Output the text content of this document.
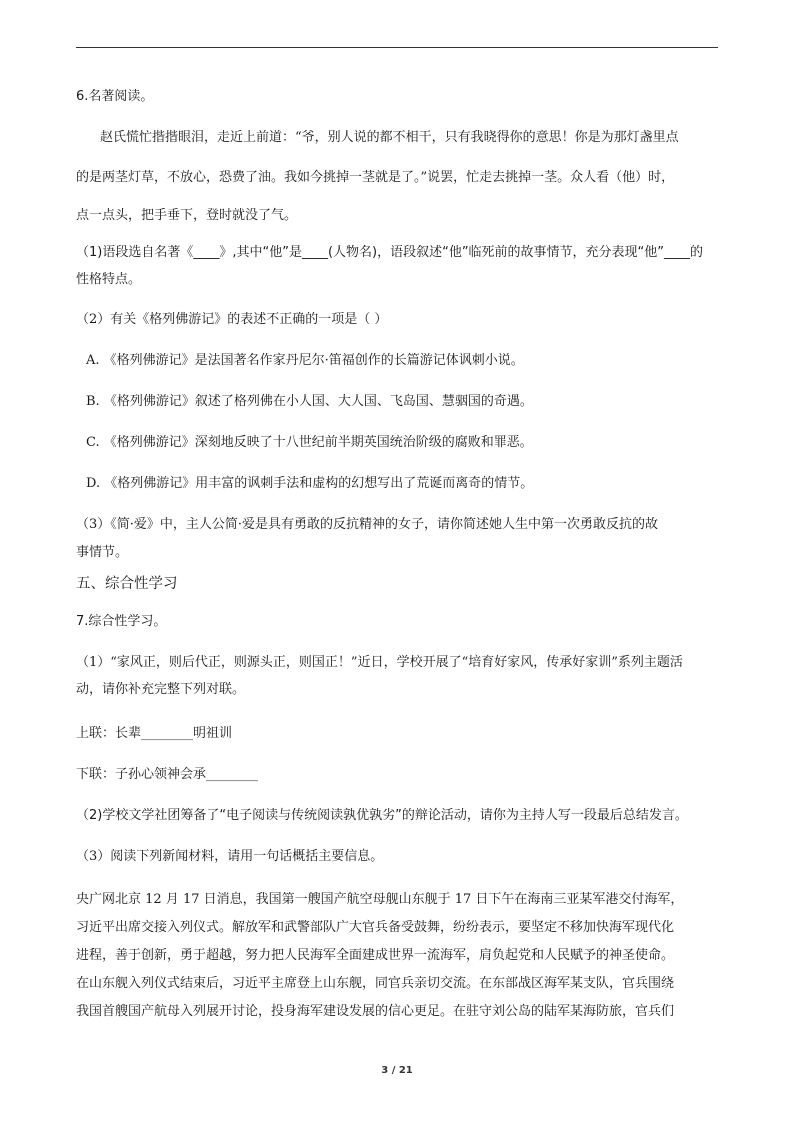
6.名著阅读。
赵氏慌忙揩揩眼泪，走近上前道：“爷，别人说的都不相干，只有我晓得你的意思！你是为那灯盏里点
的是两茎灯草，不放心，恐费了油。我如今挑掉一茎就是了。”说罢，忙走去挑掉一茎。众人看（他）时，
点一点头，把手垂下，登时就没了气。
（1)语段选自名著《____》,其中“他”是____(人物名)，语段叙述“他”临死前的故事情节，充分表现“他”____的
性格特点。
（2）有关《格列佛游记》的表述不正确的一项是（ ）
A. 《格列佛游记》是法国著名作家丹尼尔·笛福创作的长篇游记体讽刺小说。
B. 《格列佛游记》叙述了格列佛在小人国、大人国、飞岛国、慧骃国的奇遇。
C. 《格列佛游记》深刻地反映了十八世纪前半期英国统治阶级的腐败和罪恶。
D. 《格列佛游记》用丰富的讽刺手法和虚构的幻想写出了荒诞而离奇的情节。
（3）《简·爱》中，主人公简·爱是具有勇敢的反抗精神的女子，请你简述她人生中第一次勇敢反抗的故
事情节。
五、综合性学习
7.综合性学习。
（1）“家风正，则后代正，则源头正，则国正！”近日，学校开展了“培育好家风，传承好家训”系列主题活
动，请你补充完整下列对联。
上联：长辈________明祖训
下联：子孙心领神会承________
（2)学校文学社团筹备了“电子阅读与传统阅读孰优孰劣”的辩论活动，请你为主持人写一段最后总结发言。
（3）阅读下列新闻材料，请用一句话概括主要信息。
央广网北京 12 月 17 日消息，我国第一艘国产航空母舰山东舰于 17 日下午在海南三亚某军港交付海军，
习近平出席交接入列仪式。解放军和武警部队广大官兵备受鼓舞，纷纷表示，要坚定不移加快海军现代化
进程，善于创新，勇于超越，努力把人民海军全面建成世界一流海军，肩负起党和人民赋予的神圣使命。
在山东舰入列仪式结束后，习近平主席登上山东舰，同官兵亲切交流。在东部战区海军某支队，官兵围绕
我国首艘国产航母入列展开讨论，投身海军建设发展的信心更足。在驻守刘公岛的陆军某海防旅，官兵们
3 / 21
